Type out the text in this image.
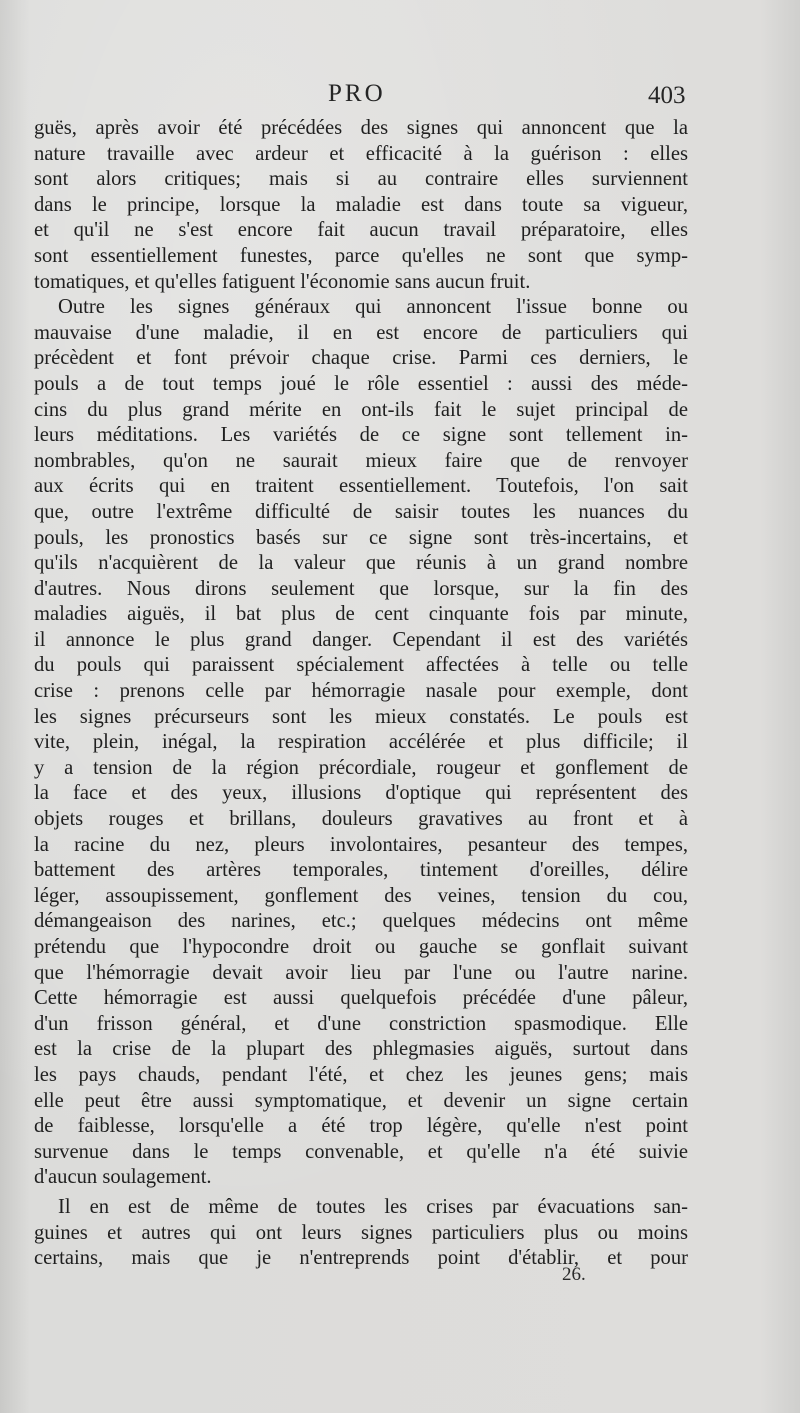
PRO	403
guës, après avoir été précédées des signes qui annoncent que la
nature travaille avec ardeur et efficacité à la guérison : elles
sont alors critiques; mais si au contraire elles surviennent
dans le principe, lorsque la maladie est dans toute sa vigueur,
et qu'il ne s'est encore fait aucun travail préparatoire, elles
sont essentiellement funestes, parce qu'elles ne sont que symp-
tomatiques, et qu'elles fatiguent l'économie sans aucun fruit.
Outre les signes généraux qui annoncent l'issue bonne ou
mauvaise d'une maladie, il en est encore de particuliers qui
précèdent et font prévoir chaque crise. Parmi ces derniers, le
pouls a de tout temps joué le rôle essentiel : aussi des méde-
cins du plus grand mérite en ont-ils fait le sujet principal de
leurs méditations. Les variétés de ce signe sont tellement in-
nombrables, qu'on ne saurait mieux faire que de renvoyer
aux écrits qui en traitent essentiellement. Toutefois, l'on sait
que, outre l'extrême difficulté de saisir toutes les nuances du
pouls, les pronostics basés sur ce signe sont très-incertains, et
qu'ils n'acquièrent de la valeur que réunis à un grand nombre
d'autres. Nous dirons seulement que lorsque, sur la fin des
maladies aiguës, il bat plus de cent cinquante fois par minute,
il annonce le plus grand danger. Cependant il est des variétés
du pouls qui paraissent spécialement affectées à telle ou telle
crise : prenons celle par hémorragie nasale pour exemple, dont
les signes précurseurs sont les mieux constatés. Le pouls est
vite, plein, inégal, la respiration accélérée et plus difficile; il
y a tension de la région précordiale, rougeur et gonflement de
la face et des yeux, illusions d'optique qui représentent des
objets rouges et brillans, douleurs gravatives au front et à
la racine du nez, pleurs involontaires, pesanteur des tempes,
battement des artères temporales, tintement d'oreilles, délire
léger, assoupissement, gonflement des veines, tension du cou,
démangeaison des narines, etc.; quelques médecins ont même
prétendu que l'hypocondre droit ou gauche se gonflait suivant
que l'hémorragie devait avoir lieu par l'une ou l'autre narine.
Cette hémorragie est aussi quelquefois précédée d'une pâleur,
d'un frisson général, et d'une constriction spasmodique. Elle
est la crise de la plupart des phlegmasies aiguës, surtout dans
les pays chauds, pendant l'été, et chez les jeunes gens; mais
elle peut être aussi symptomatique, et devenir un signe certain
de faiblesse, lorsqu'elle a été trop légère, qu'elle n'est point
survenue dans le temps convenable, et qu'elle n'a été suivie
d'aucun soulagement.
Il en est de même de toutes les crises par évacuations san-
guines et autres qui ont leurs signes particuliers plus ou moins
certains, mais que je n'entreprends point d'établir, et pour
26.
